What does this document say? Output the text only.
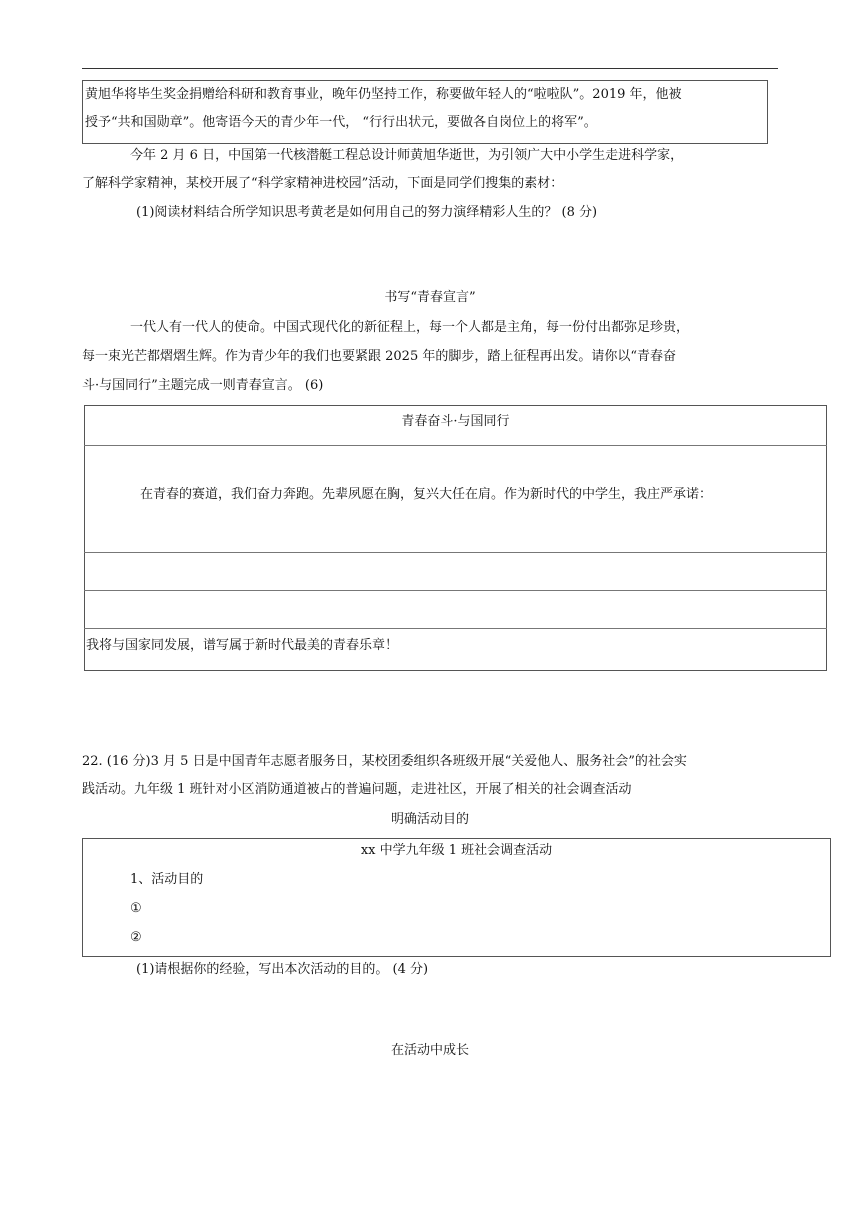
黄旭华将毕生奖金捐赠给科研和教育事业，晚年仍坚持工作，称要做年轻人的“啦啦队”。2019 年，他被
授予“共和国勋章”。他寄语今天的青少年一代， “行行出状元，要做各自岗位上的将军”。
今年 2 月 6 日，中国第一代核潜艇工程总设计师黄旭华逝世，为引领广大中小学生走进科学家，
了解科学家精神，某校开展了“科学家精神进校园”活动，下面是同学们搜集的素材：
(1)阅读材料结合所学知识思考黄老是如何用自己的努力演绎精彩人生的？ (8 分)
书写“青春宣言”
一代人有一代人的使命。中国式现代化的新征程上，每一个人都是主角，每一份付出都弥足珍贵，
每一束光芒都熠熠生辉。作为青少年的我们也要紧跟 2025 年的脚步，踏上征程再出发。请你以“青春奋
斗·与国同行”主题完成一则青春宣言。 (6)
青春奋斗·与国同行
在青春的赛道，我们奋力奔跑。先辈夙愿在胸，复兴大任在肩。作为新时代的中学生，我庄严承诺：
我将与国家同发展，谱写属于新时代最美的青春乐章！
22. (16 分)3 月 5 日是中国青年志愿者服务日，某校团委组织各班级开展“关爱他人、服务社会”的社会实
践活动。九年级 1 班针对小区消防通道被占的普遍问题，走进社区，开展了相关的社会调查活动
明确活动目的
xx 中学九年级 1 班社会调查活动
1、活动目的
①
②
(1)请根据你的经验，写出本次活动的目的。 (4 分)
在活动中成长
